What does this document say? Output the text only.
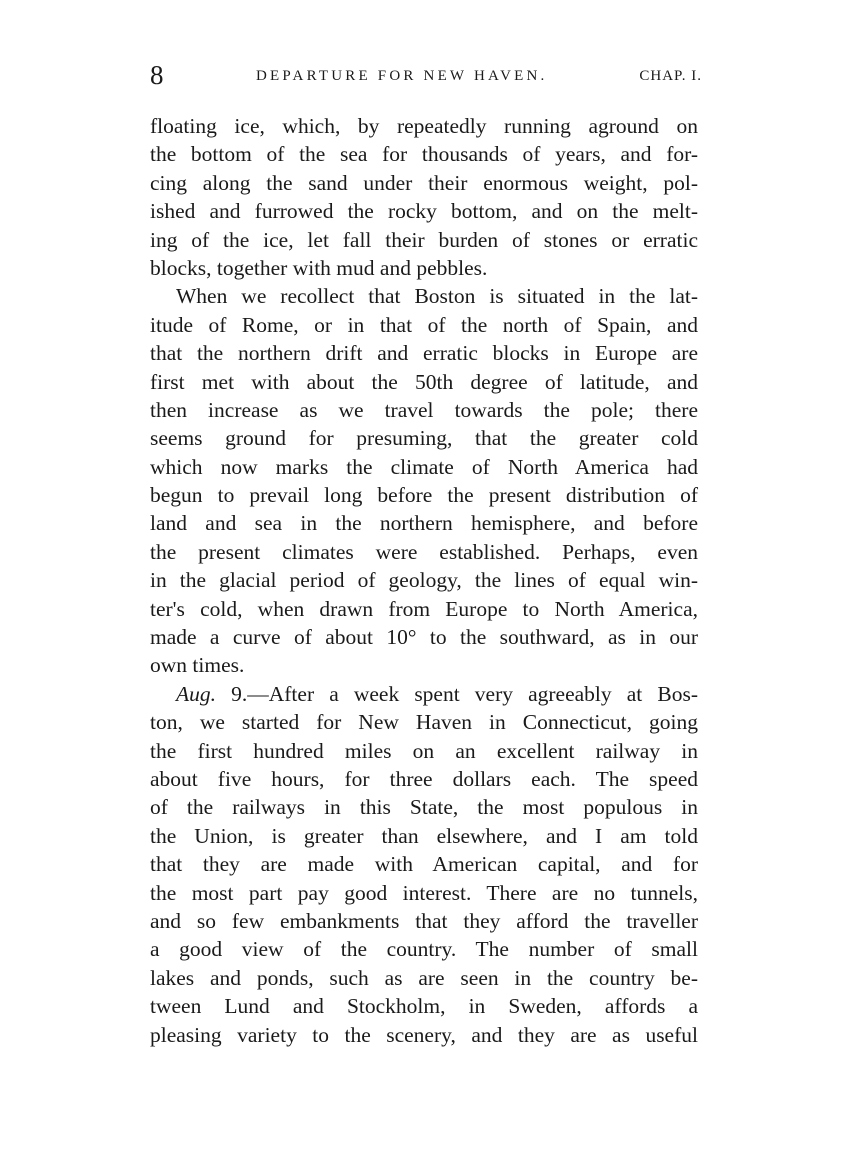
8	DEPARTURE FOR NEW HAVEN.	CHAP. I.
floating ice, which, by repeatedly running aground on
the bottom of the sea for thousands of years, and for-
cing along the sand under their enormous weight, pol-
ished and furrowed the rocky bottom, and on the melt-
ing of the ice, let fall their burden of stones or erratic
blocks, together with mud and pebbles.
When we recollect that Boston is situated in the lat-
itude of Rome, or in that of the north of Spain, and
that the northern drift and erratic blocks in Europe are
first met with about the 50th degree of latitude, and
then increase as we travel towards the pole; there
seems ground for presuming, that the greater cold
which now marks the climate of North America had
begun to prevail long before the present distribution of
land and sea in the northern hemisphere, and before
the present climates were established. Perhaps, even
in the glacial period of geology, the lines of equal win-
ter's cold, when drawn from Europe to North America,
made a curve of about 10° to the southward, as in our
own times.
Aug. 9.—After a week spent very agreeably at Bos-
ton, we started for New Haven in Connecticut, going
the first hundred miles on an excellent railway in
about five hours, for three dollars each. The speed
of the railways in this State, the most populous in
the Union, is greater than elsewhere, and I am told
that they are made with American capital, and for
the most part pay good interest. There are no tunnels,
and so few embankments that they afford the traveller
a good view of the country. The number of small
lakes and ponds, such as are seen in the country be-
tween Lund and Stockholm, in Sweden, affords a
pleasing variety to the scenery, and they are as useful
